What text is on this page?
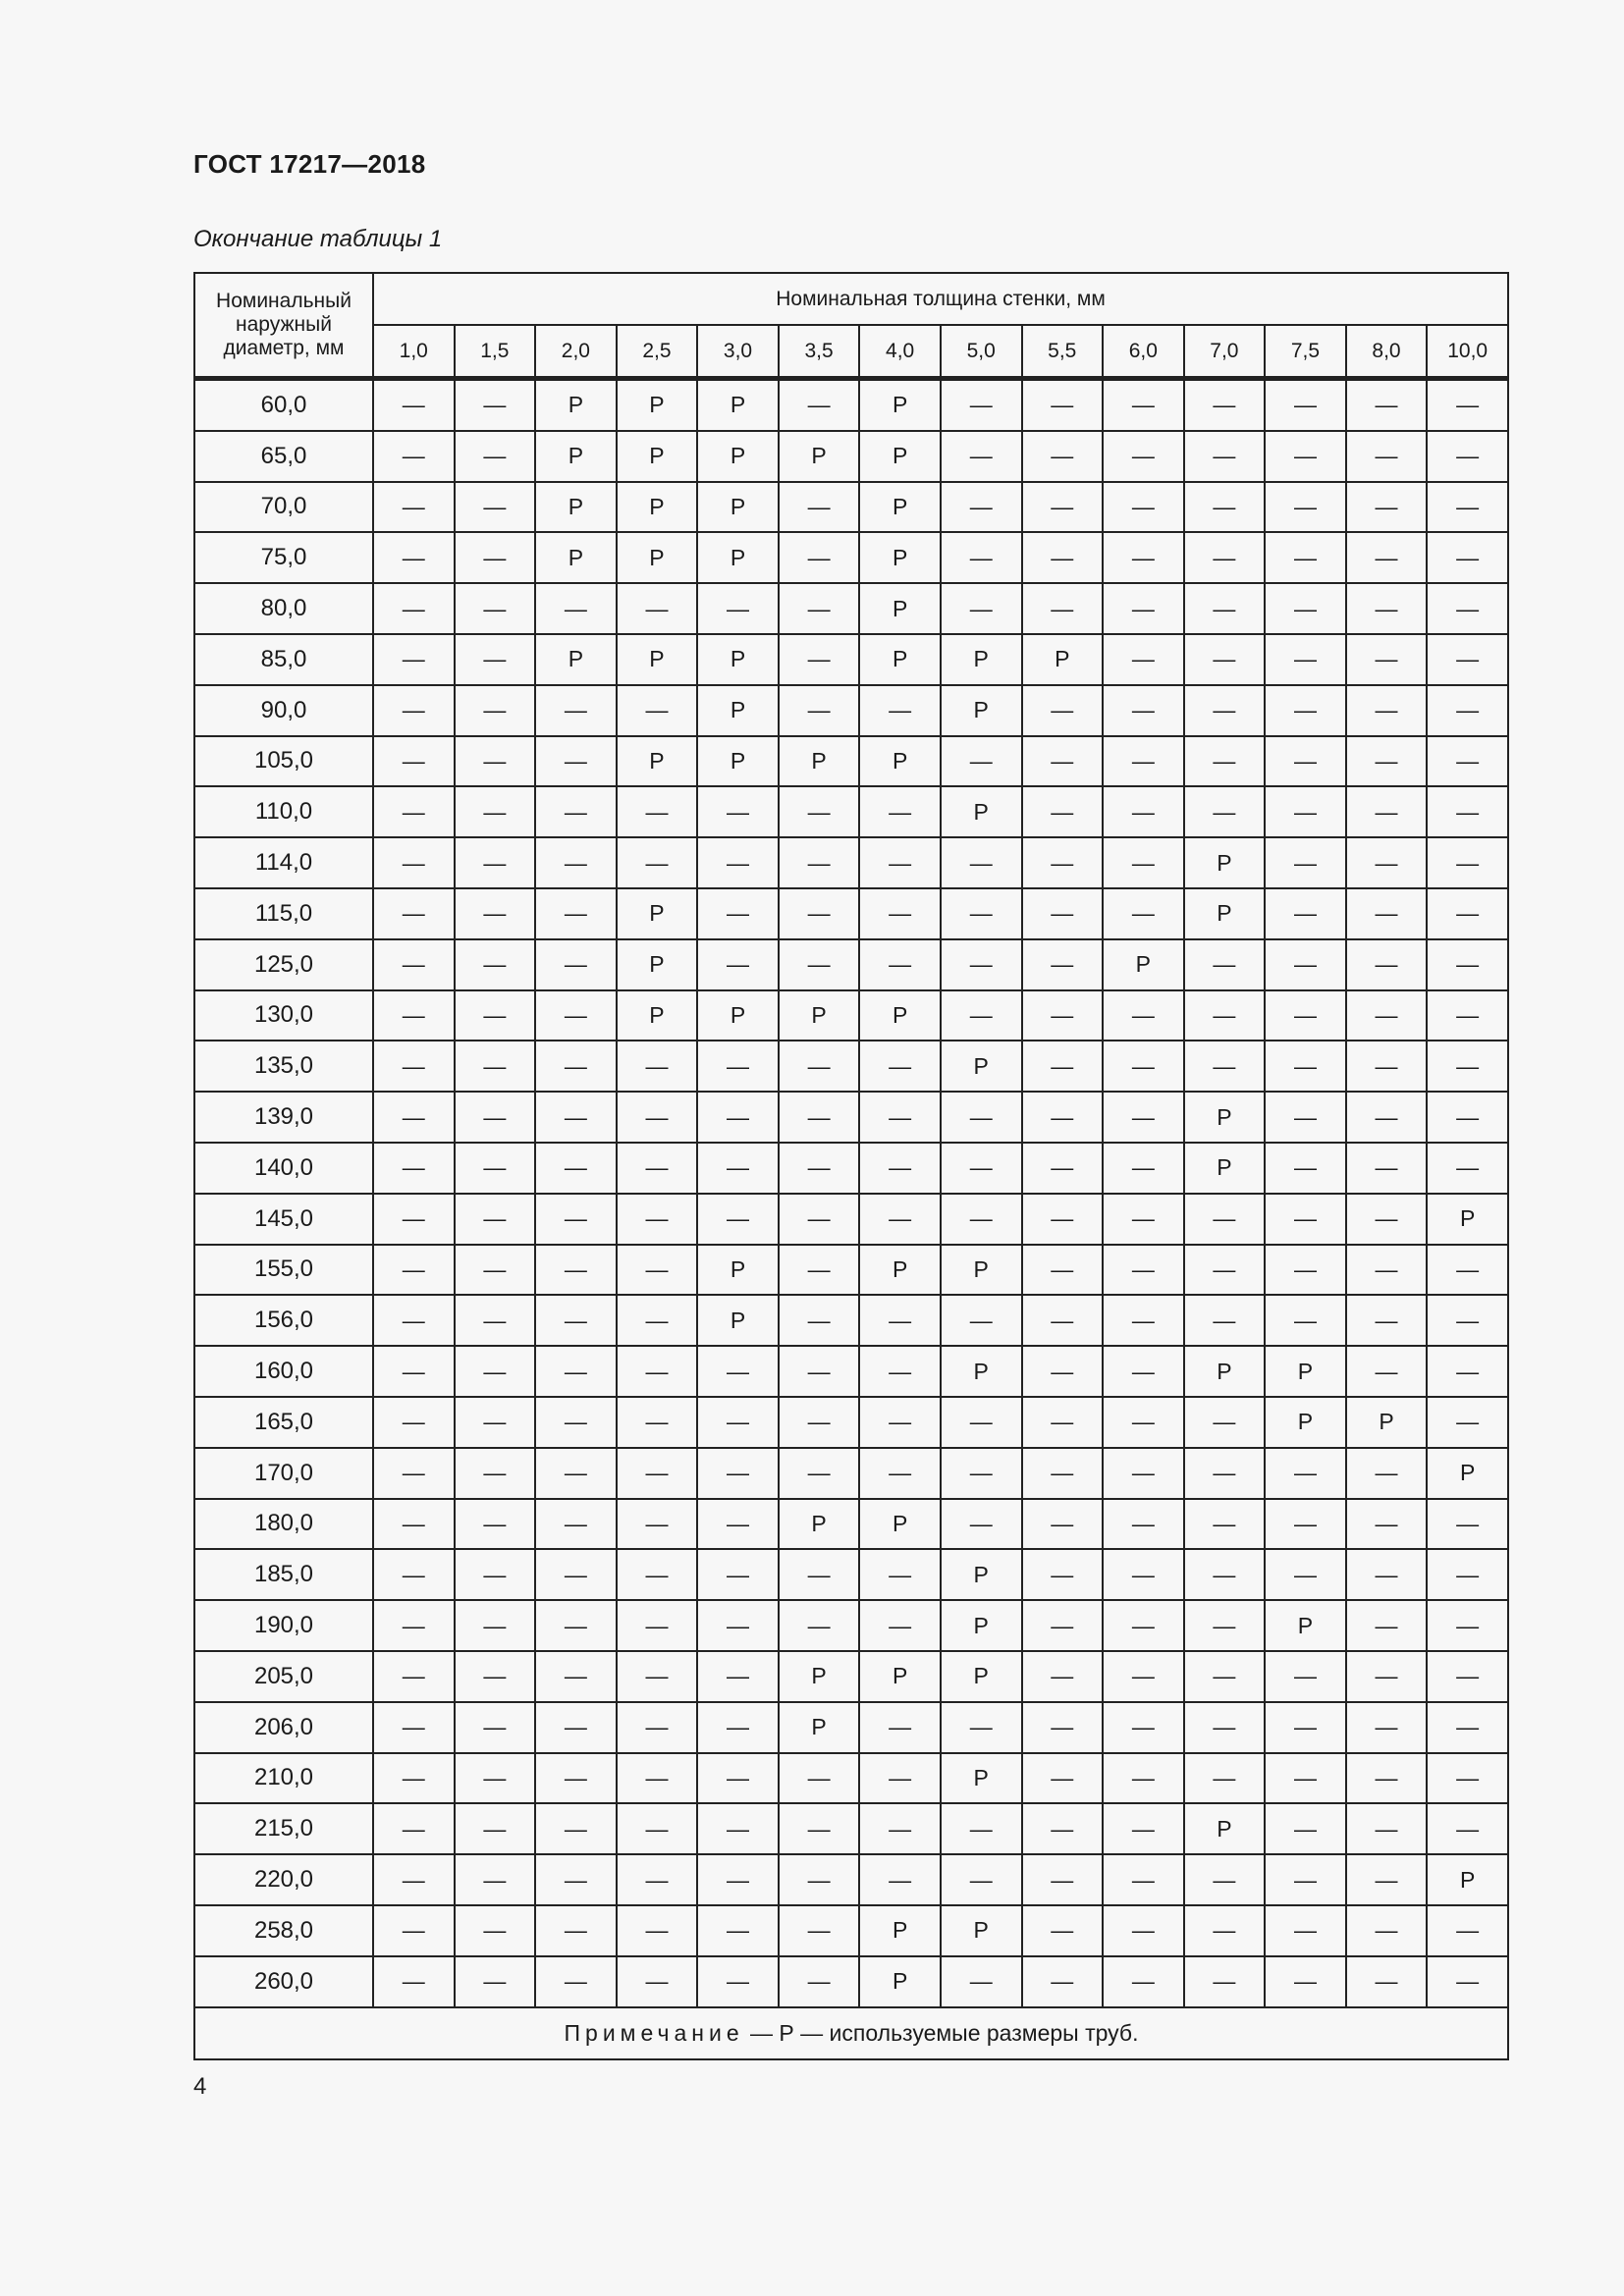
ГОСТ 17217—2018
Окончание таблицы 1
Номинальный наружный диаметр, мм	Номинальная толщина стенки, мм													
	1,0	1,5	2,0	2,5	3,0	3,5	4,0	5,0	5,5	6,0	7,0	7,5	8,0	10,0
60,0	—	—	Р	Р	Р	—	Р	—	—	—	—	—	—	—
65,0	—	—	Р	Р	Р	Р	Р	—	—	—	—	—	—	—
70,0	—	—	Р	Р	Р	—	Р	—	—	—	—	—	—	—
75,0	—	—	Р	Р	Р	—	Р	—	—	—	—	—	—	—
80,0	—	—	—	—	—	—	Р	—	—	—	—	—	—	—
85,0	—	—	Р	Р	Р	—	Р	Р	Р	—	—	—	—	—
90,0	—	—	—	—	Р	—	—	Р	—	—	—	—	—	—
105,0	—	—	—	Р	Р	Р	Р	—	—	—	—	—	—	—
110,0	—	—	—	—	—	—	—	Р	—	—	—	—	—	—
114,0	—	—	—	—	—	—	—	—	—	—	Р	—	—	—
115,0	—	—	—	Р	—	—	—	—	—	—	Р	—	—	—
125,0	—	—	—	Р	—	—	—	—	—	Р	—	—	—	—
130,0	—	—	—	Р	Р	Р	Р	—	—	—	—	—	—	—
135,0	—	—	—	—	—	—	—	Р	—	—	—	—	—	—
139,0	—	—	—	—	—	—	—	—	—	—	Р	—	—	—
140,0	—	—	—	—	—	—	—	—	—	—	Р	—	—	—
145,0	—	—	—	—	—	—	—	—	—	—	—	—	—	Р
155,0	—	—	—	—	Р	—	Р	Р	—	—	—	—	—	—
156,0	—	—	—	—	Р	—	—	—	—	—	—	—	—	—
160,0	—	—	—	—	—	—	—	Р	—	—	Р	Р	—	—
165,0	—	—	—	—	—	—	—	—	—	—	—	Р	Р	—
170,0	—	—	—	—	—	—	—	—	—	—	—	—	—	Р
180,0	—	—	—	—	—	Р	Р	—	—	—	—	—	—	—
185,0	—	—	—	—	—	—	—	Р	—	—	—	—	—	—
190,0	—	—	—	—	—	—	—	Р	—	—	—	Р	—	—
205,0	—	—	—	—	—	Р	Р	Р	—	—	—	—	—	—
206,0	—	—	—	—	—	Р	—	—	—	—	—	—	—	—
210,0	—	—	—	—	—	—	—	Р	—	—	—	—	—	—
215,0	—	—	—	—	—	—	—	—	—	—	Р	—	—	—
220,0	—	—	—	—	—	—	—	—	—	—	—	—	—	Р
258,0	—	—	—	—	—	—	Р	Р	—	—	—	—	—	—
260,0	—	—	—	—	—	—	Р	—	—	—	—	—	—	—
Примечание — Р — используемые размеры труб.														
4
